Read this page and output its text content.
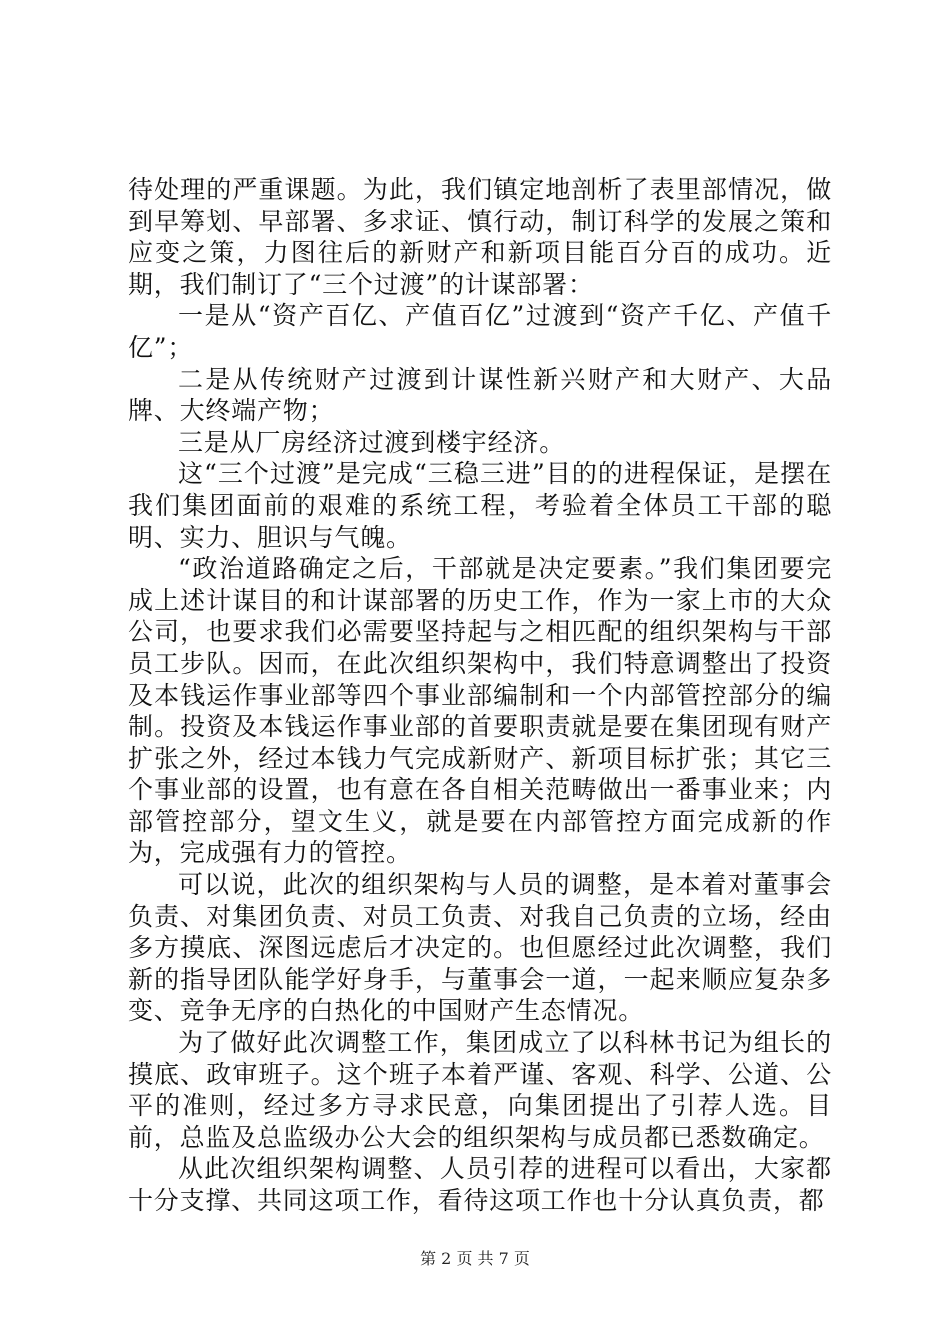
待处理的严重课题。为此，我们镇定地剖析了表里部情况，做到早筹划、早部署、多求证、慎行动，制订科学的发展之策和应变之策，力图往后的新财产和新项目能百分百的成功。近期，我们制订了“三个过渡”的计谋部署：

一是从“资产百亿、产值百亿”过渡到“资产千亿、产值千亿”；

二是从传统财产过渡到计谋性新兴财产和大财产、大品牌、大终端产物；

三是从厂房经济过渡到楼宇经济。

这“三个过渡”是完成“三稳三进”目的的进程保证，是摆在我们集团面前的艰难的系统工程，考验着全体员工干部的聪明、实力、胆识与气魄。

“政治道路确定之后，干部就是决定要素。”我们集团要完成上述计谋目的和计谋部署的历史工作，作为一家上市的大众公司，也要求我们必需要坚持起与之相匹配的组织架构与干部员工步队。因而，在此次组织架构中，我们特意调整出了投资及本钱运作事业部等四个事业部编制和一个内部管控部分的编制。投资及本钱运作事业部的首要职责就是要在集团现有财产扩张之外，经过本钱力气完成新财产、新项目标扩张；其它三个事业部的设置，也有意在各自相关范畴做出一番事业来；内部管控部分，望文生义，就是要在内部管控方面完成新的作为，完成强有力的管控。

可以说，此次的组织架构与人员的调整，是本着对董事会负责、对集团负责、对员工负责、对我自己负责的立场，经由多方摸底、深图远虑后才决定的。也但愿经过此次调整，我们新的指导团队能学好身手，与董事会一道，一起来顺应复杂多变、竞争无序的白热化的中国财产生态情况。

为了做好此次调整工作，集团成立了以科林书记为组长的摸底、政审班子。这个班子本着严谨、客观、科学、公道、公平的准则，经过多方寻求民意，向集团提出了引荐人选。目前，总监及总监级办公大会的组织架构与成员都已悉数确定。

从此次组织架构调整、人员引荐的进程可以看出，大家都十分支撑、共同这项工作，看待这项工作也十分认真负责，都

第 2 页 共 7 页
